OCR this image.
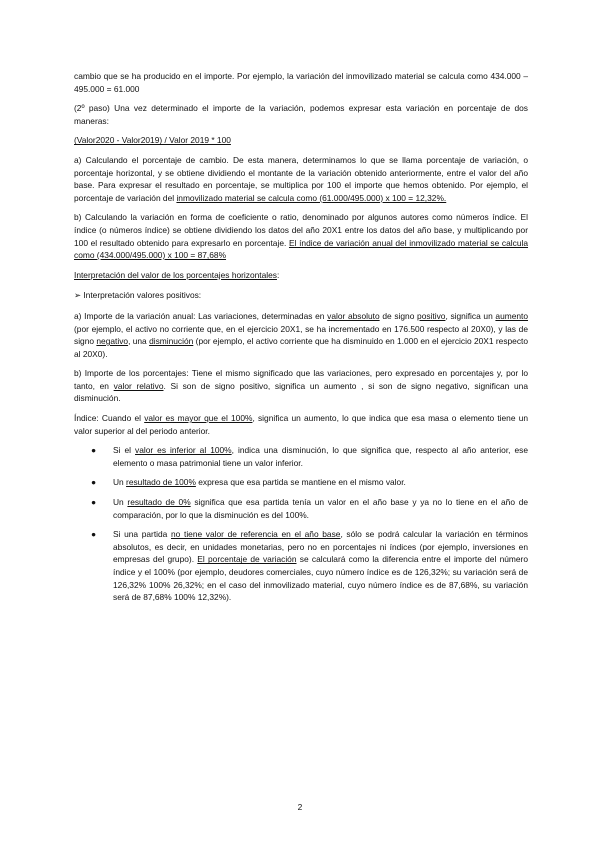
cambio que se ha producido en el importe. Por ejemplo, la variación del inmovilizado material se calcula como 434.000 – 495.000 = 61.000

(2º paso) Una vez determinado el importe de la variación, podemos expresar esta variación en porcentaje de dos maneras:

(Valor2020 - Valor2019) / Valor 2019 * 100

a) Calculando el porcentaje de cambio. De esta manera, determinamos lo que se llama porcentaje de variación, o porcentaje horizontal, y se obtiene dividiendo el montante de la variación obtenido anteriormente, entre el valor del año base. Para expresar el resultado en porcentaje, se multiplica por 100 el importe que hemos obtenido. Por ejemplo, el porcentaje de variación del inmovilizado material se calcula como (61.000/495.000) x 100 = 12,32%.

b) Calculando la variación en forma de coeficiente o ratio, denominado por algunos autores como números índice. El índice (o números índice) se obtiene dividiendo los datos del año 20X1 entre los datos del año base, y multiplicando por 100 el resultado obtenido para expresarlo en porcentaje. El índice de variación anual del inmovilizado material se calcula como (434.000/495.000) x 100 = 87,68%

Interpretación del valor de los porcentajes horizontales:

➢ Interpretación valores positivos:

a) Importe de la variación anual: Las variaciones, determinadas en valor absoluto de signo positivo, significa un aumento (por ejemplo, el activo no corriente que, en el ejercicio 20X1, se ha incrementado en 176.500 respecto al 20X0), y las de signo negativo, una disminución (por ejemplo, el activo corriente que ha disminuido en 1.000 en el ejercicio 20X1 respecto al 20X0).

b) Importe de los porcentajes: Tiene el mismo significado que las variaciones, pero expresado en porcentajes y, por lo tanto, en valor relativo. Si son de signo positivo, significa un aumento , si son de signo negativo, significan una disminución.

Índice: Cuando el valor es mayor que el 100%, significa un aumento, lo que indica que esa masa o elemento tiene un valor superior al del periodo anterior.

● Si el valor es inferior al 100%, indica una disminución, lo que significa que, respecto al año anterior, ese elemento o masa patrimonial tiene un valor inferior.
● Un resultado de 100% expresa que esa partida se mantiene en el mismo valor.
● Un resultado de 0% significa que esa partida tenía un valor en el año base y ya no lo tiene en el año de comparación, por lo que la disminución es del 100%.
● Si una partida no tiene valor de referencia en el año base, sólo se podrá calcular la variación en términos absolutos, es decir, en unidades monetarias, pero no en porcentajes ni índices (por ejemplo, inversiones en empresas del grupo). El porcentaje de variación se calculará como la diferencia entre el importe del número índice y el 100% (por ejemplo, deudores comerciales, cuyo número índice es de 126,32%; su variación será de 126,32% 100% 26,32%; en el caso del inmovilizado material, cuyo número índice es de 87,68%, su variación será de 87,68% 100% 12,32%).
2
